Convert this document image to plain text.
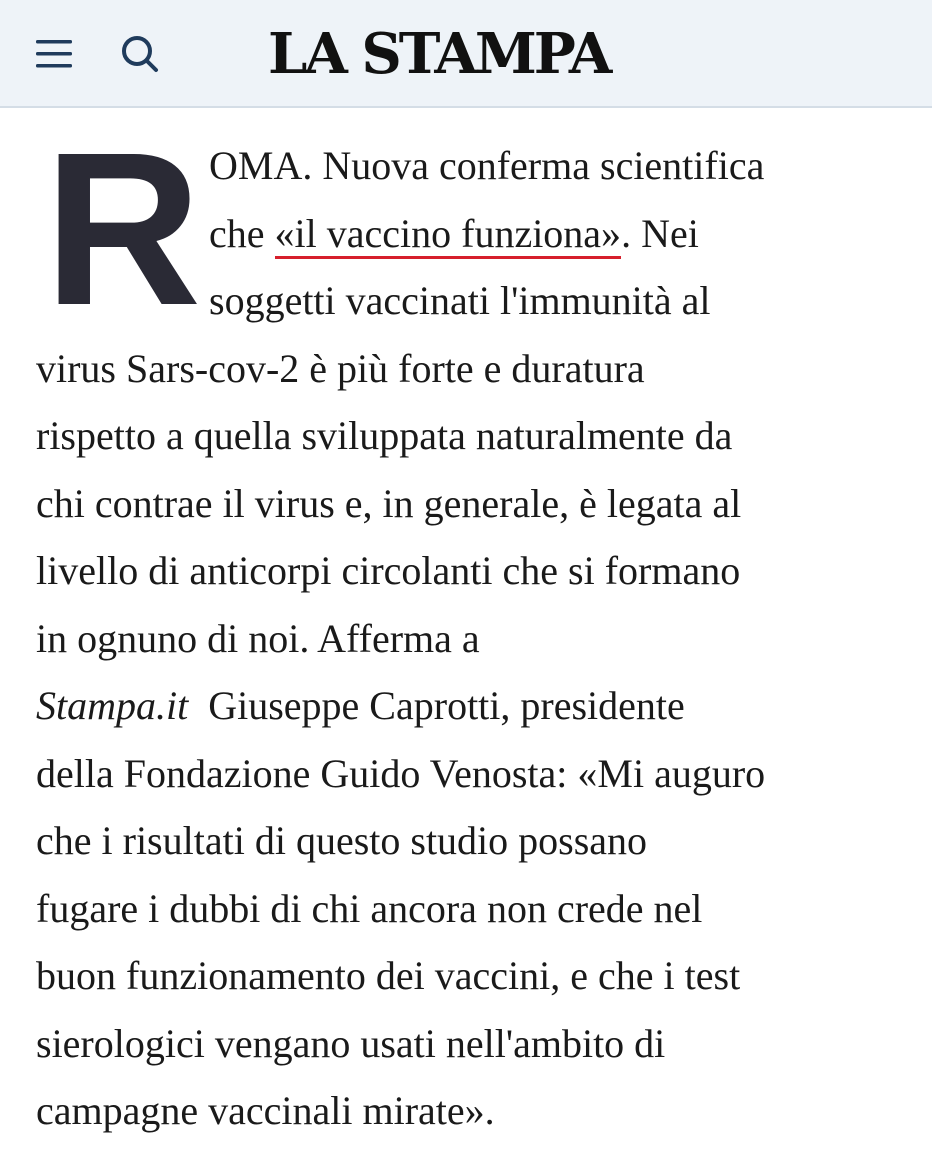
LA STAMPA
R OMA. Nuova conferma scientifica
che «il vaccino funziona». Nei
soggetti vaccinati l'immunità al
virus Sars-cov-2 è più forte e duratura
rispetto a quella sviluppata naturalmente da
chi contrae il virus e, in generale, è legata al
livello di anticorpi circolanti che si formano
in ognuno di noi. Afferma a
Stampa.it  Giuseppe Caprotti, presidente
della Fondazione Guido Venosta: «Mi auguro
che i risultati di questo studio possano
fugare i dubbi di chi ancora non crede nel
buon funzionamento dei vaccini, e che i test
sierologici vengano usati nell'ambito di
campagne vaccinali mirate».
